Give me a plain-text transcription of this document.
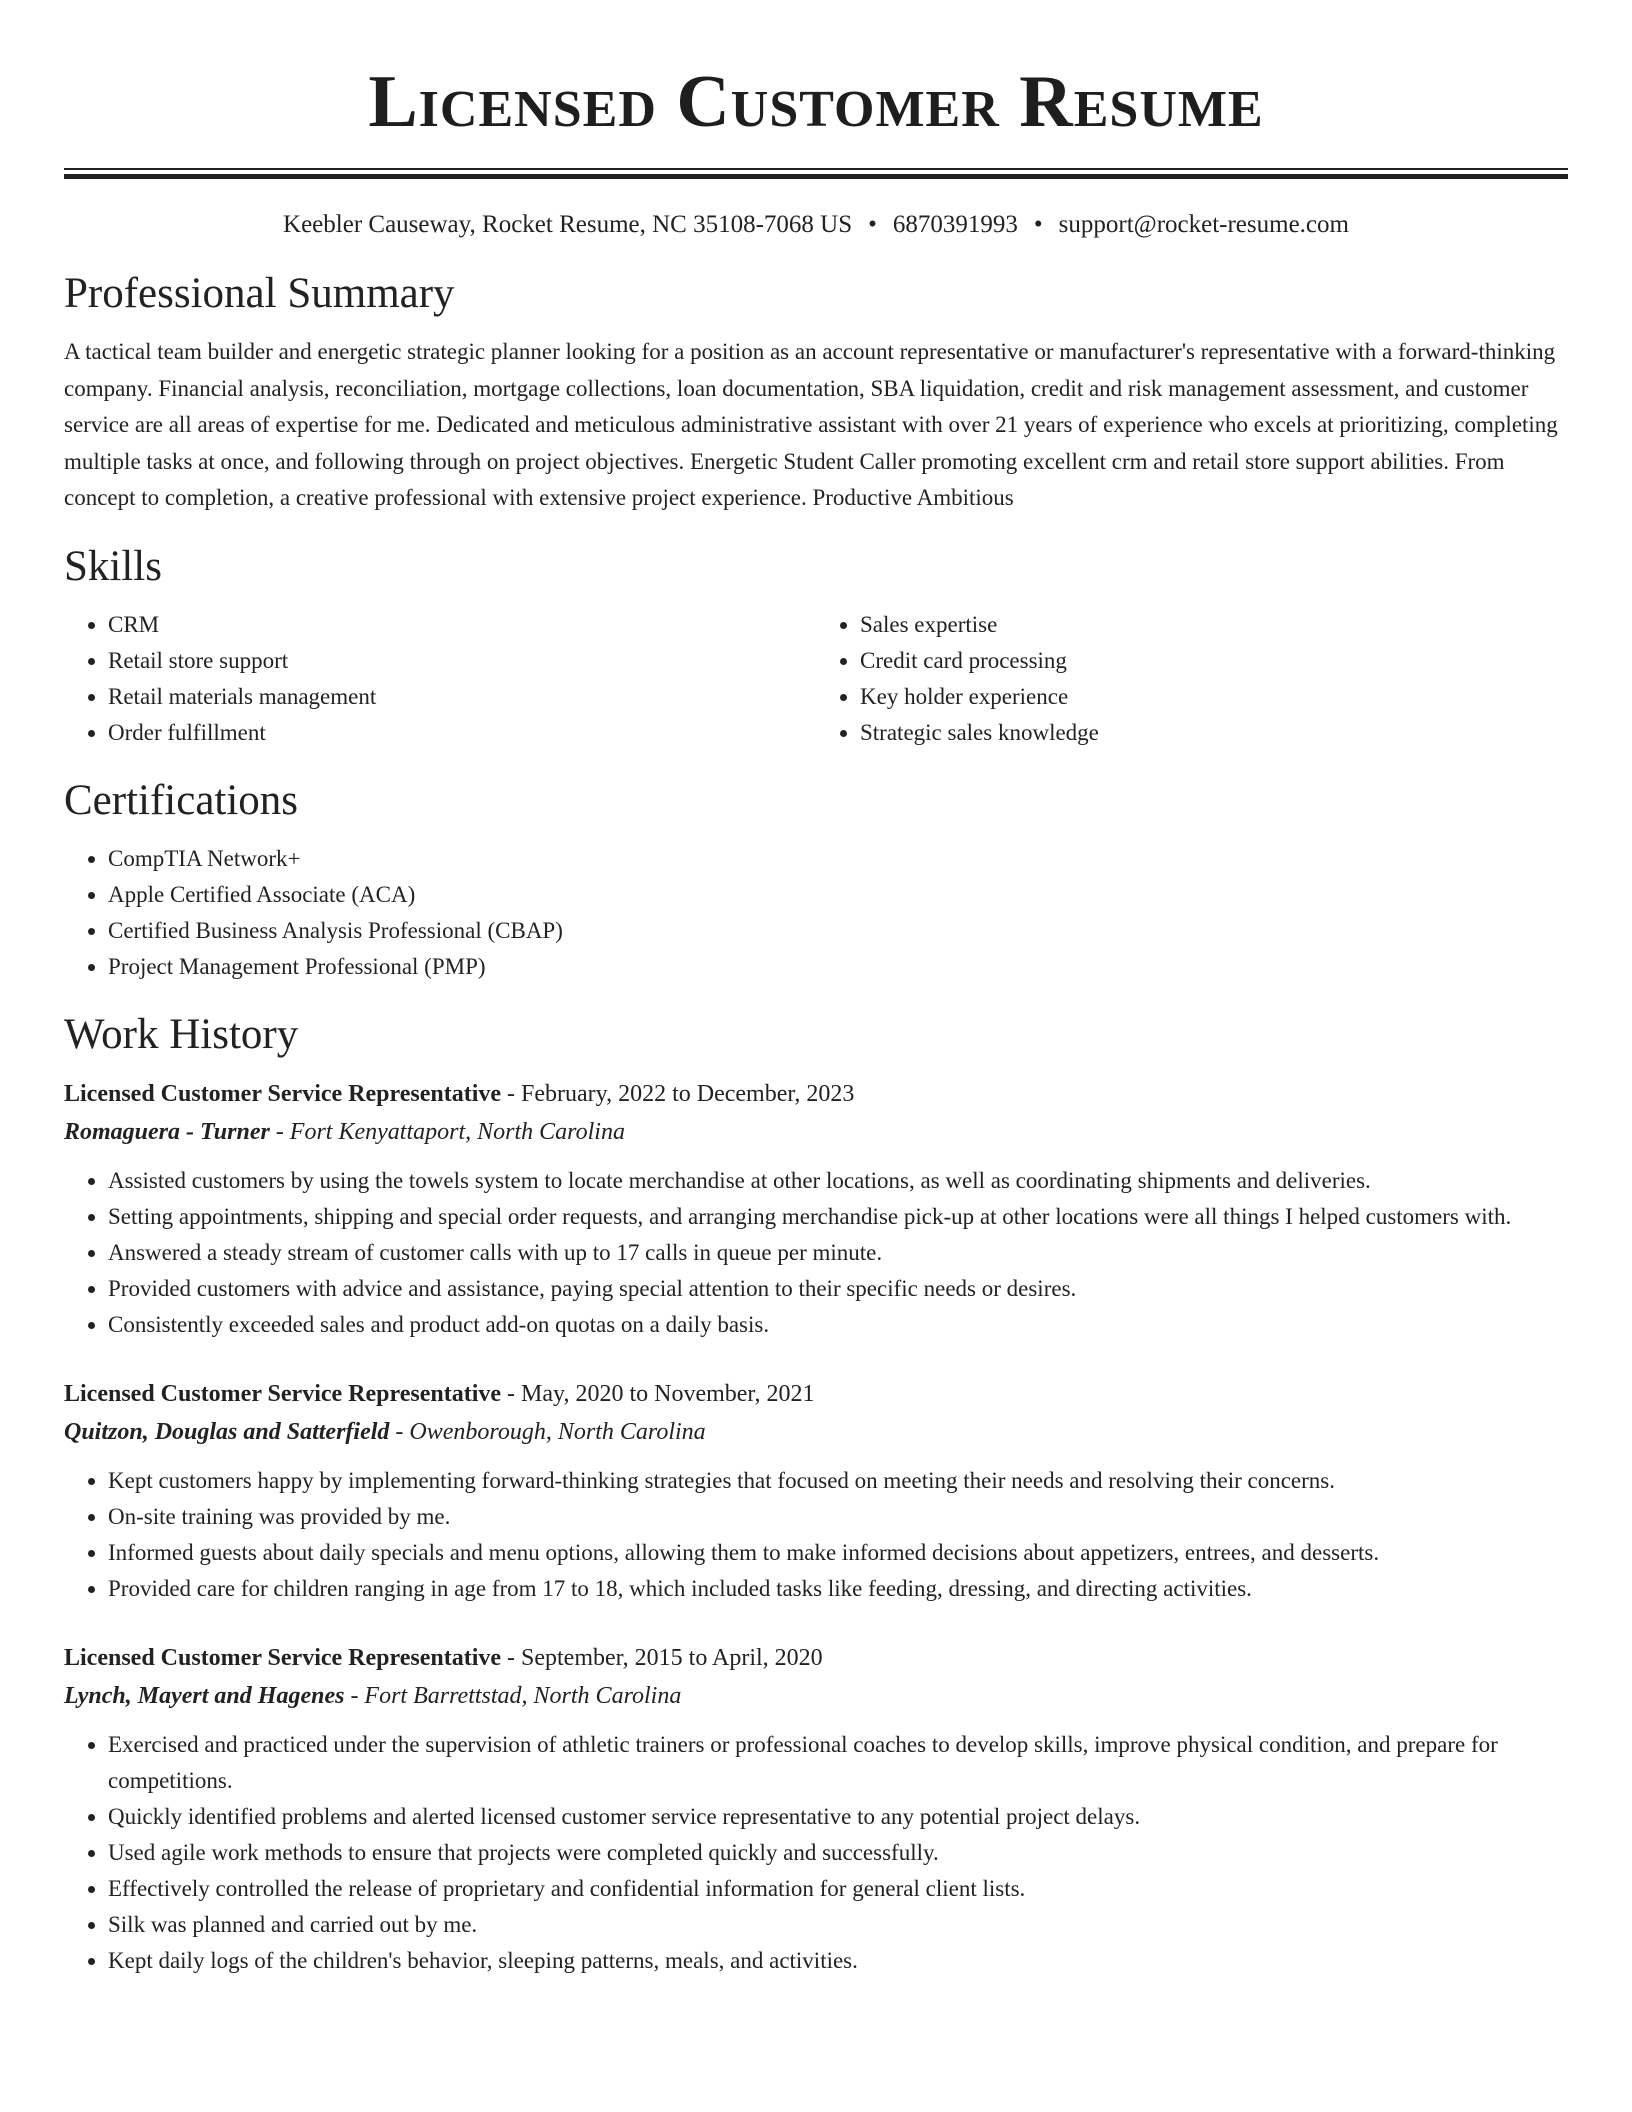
Licensed Customer Resume
Keebler Causeway, Rocket Resume, NC 35108-7068 US • 6870391993 • support@rocket-resume.com
Professional Summary
A tactical team builder and energetic strategic planner looking for a position as an account representative or manufacturer's representative with a forward-thinking company. Financial analysis, reconciliation, mortgage collections, loan documentation, SBA liquidation, credit and risk management assessment, and customer service are all areas of expertise for me. Dedicated and meticulous administrative assistant with over 21 years of experience who excels at prioritizing, completing multiple tasks at once, and following through on project objectives. Energetic Student Caller promoting excellent crm and retail store support abilities. From concept to completion, a creative professional with extensive project experience. Productive Ambitious
Skills
• CRM
• Retail store support
• Retail materials management
• Order fulfillment
• Sales expertise
• Credit card processing
• Key holder experience
• Strategic sales knowledge
Certifications
• CompTIA Network+
• Apple Certified Associate (ACA)
• Certified Business Analysis Professional (CBAP)
• Project Management Professional (PMP)
Work History
Licensed Customer Service Representative - February, 2022 to December, 2023
Romaguera - Turner - Fort Kenyattaport, North Carolina
• Assisted customers by using the towels system to locate merchandise at other locations, as well as coordinating shipments and deliveries.
• Setting appointments, shipping and special order requests, and arranging merchandise pick-up at other locations were all things I helped customers with.
• Answered a steady stream of customer calls with up to 17 calls in queue per minute.
• Provided customers with advice and assistance, paying special attention to their specific needs or desires.
• Consistently exceeded sales and product add-on quotas on a daily basis.
Licensed Customer Service Representative - May, 2020 to November, 2021
Quitzon, Douglas and Satterfield - Owenborough, North Carolina
• Kept customers happy by implementing forward-thinking strategies that focused on meeting their needs and resolving their concerns.
• On-site training was provided by me.
• Informed guests about daily specials and menu options, allowing them to make informed decisions about appetizers, entrees, and desserts.
• Provided care for children ranging in age from 17 to 18, which included tasks like feeding, dressing, and directing activities.
Licensed Customer Service Representative - September, 2015 to April, 2020
Lynch, Mayert and Hagenes - Fort Barrettstad, North Carolina
• Exercised and practiced under the supervision of athletic trainers or professional coaches to develop skills, improve physical condition, and prepare for competitions.
• Quickly identified problems and alerted licensed customer service representative to any potential project delays.
• Used agile work methods to ensure that projects were completed quickly and successfully.
• Effectively controlled the release of proprietary and confidential information for general client lists.
• Silk was planned and carried out by me.
• Kept daily logs of the children's behavior, sleeping patterns, meals, and activities.
